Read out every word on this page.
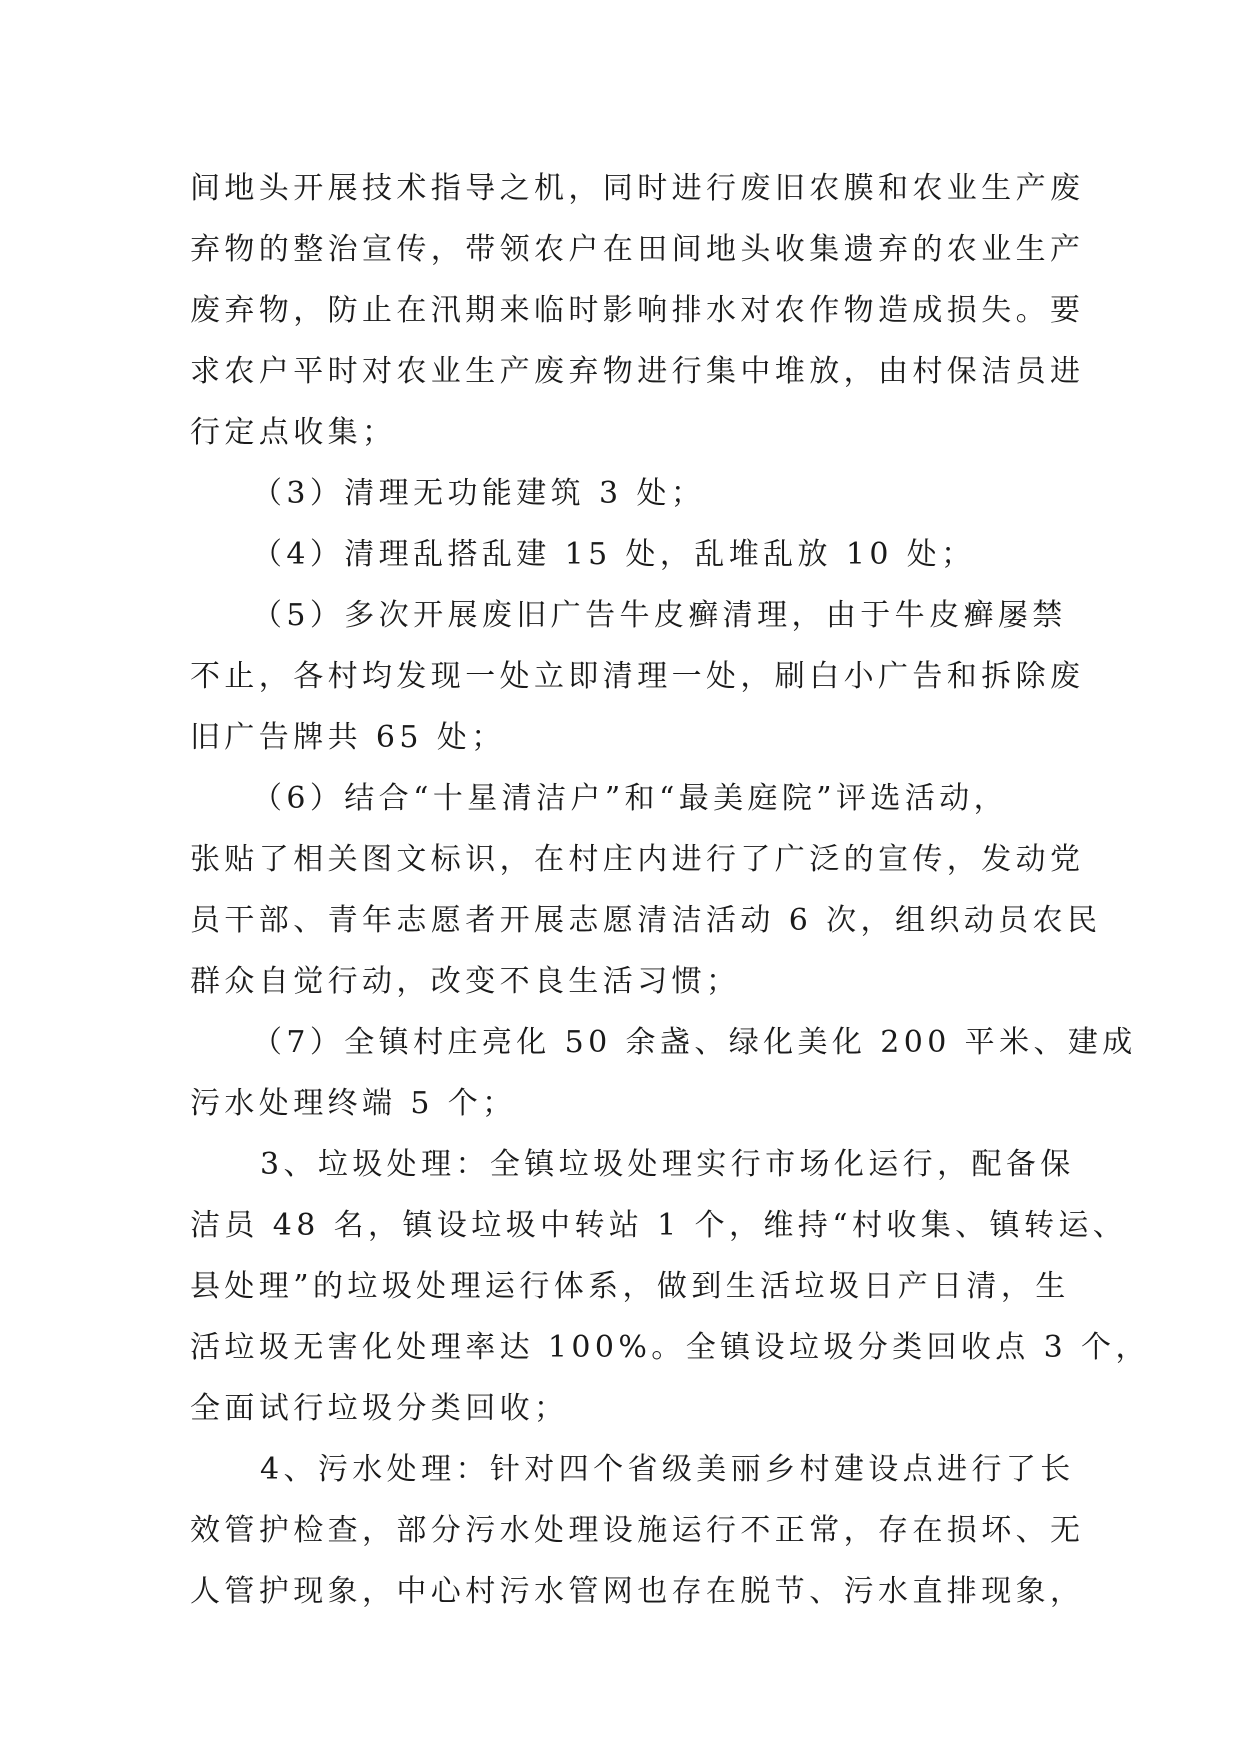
间地头开展技术指导之机，同时进行废旧农膜和农业生产废
弃物的整治宣传，带领农户在田间地头收集遗弃的农业生产
废弃物，防止在汛期来临时影响排水对农作物造成损失。要
求农户平时对农业生产废弃物进行集中堆放，由村保洁员进
行定点收集；
（3）清理无功能建筑 3 处；
（4）清理乱搭乱建 15 处，乱堆乱放 10 处；
（5）多次开展废旧广告牛皮癣清理，由于牛皮癣屡禁
不止，各村均发现一处立即清理一处，刷白小广告和拆除废
旧广告牌共 65 处；
（6）结合“十星清洁户”和“最美庭院”评选活动，
张贴了相关图文标识，在村庄内进行了广泛的宣传，发动党
员干部、青年志愿者开展志愿清洁活动 6 次，组织动员农民
群众自觉行动，改变不良生活习惯；
（7）全镇村庄亮化 50 余盏、绿化美化 200 平米、建成
污水处理终端 5 个；
3、垃圾处理：全镇垃圾处理实行市场化运行，配备保
洁员 48 名，镇设垃圾中转站 1 个，维持“村收集、镇转运、
县处理”的垃圾处理运行体系，做到生活垃圾日产日清，生
活垃圾无害化处理率达 100%。全镇设垃圾分类回收点 3 个，
全面试行垃圾分类回收；
4、污水处理：针对四个省级美丽乡村建设点进行了长
效管护检查，部分污水处理设施运行不正常，存在损坏、无
人管护现象，中心村污水管网也存在脱节、污水直排现象，
